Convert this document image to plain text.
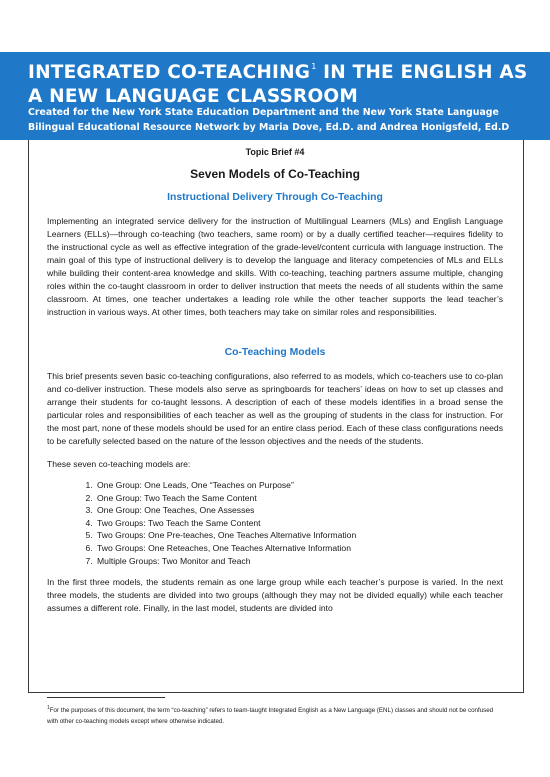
INTEGRATED CO-TEACHING$^1$ IN THE ENGLISH AS A NEW LANGUAGE CLASSROOM
Created for the New York State Education Department and the New York State Language Bilingual Educational Resource Network by Maria Dove, Ed.D. and Andrea Honigsfeld, Ed.D
Topic Brief #4
Seven Models of Co-Teaching
Instructional Delivery Through Co-Teaching

Implementing an integrated service delivery for the instruction of Multilingual Learners (MLs) and English Language Learners (ELLs)—through co-teaching (two teachers, same room) or by a dually certified teacher—requires fidelity to the instructional cycle as well as effective integration of the grade-level/content curricula with language instruction. The main goal of this type of instructional delivery is to develop the language and literacy competencies of MLs and ELLs while building their content-area knowledge and skills. With co-teaching, teaching partners assume multiple, changing roles within the co-taught classroom in order to deliver instruction that meets the needs of all students within the same classroom. At times, one teacher undertakes a leading role while the other teacher supports the lead teacher’s instruction in various ways. At other times, both teachers may take on similar roles and responsibilities.

Co-Teaching Models

This brief presents seven basic co-teaching configurations, also referred to as models, which co-teachers use to co-plan and co-deliver instruction. These models also serve as springboards for teachers’ ideas on how to set up classes and arrange their students for co-taught lessons. A description of each of these models identifies in a broad sense the particular roles and responsibilities of each teacher as well as the grouping of students in the class for instruction. For the most part, none of these models should be used for an entire class period. Each of these class configurations needs to be carefully selected based on the nature of the lesson objectives and the needs of the students.

These seven co-teaching models are:

1. One Group: One Leads, One “Teaches on Purpose”
2. One Group: Two Teach the Same Content
3. One Group: One Teaches, One Assesses
4. Two Groups: Two Teach the Same Content
5. Two Groups: One Pre-teaches, One Teaches Alternative Information
6. Two Groups: One Reteaches, One Teaches Alternative Information
7. Multiple Groups: Two Monitor and Teach

In the first three models, the students remain as one large group while each teacher’s purpose is varied. In the next three models, the students are divided into two groups (although they may not be divided equally) while each teacher assumes a different role. Finally, in the last model, students are divided into

$^1$For the purposes of this document, the term “co-teaching” refers to team-taught Integrated English as a New Language (ENL) classes and should not be confused with other co-teaching models except where otherwise indicated.
